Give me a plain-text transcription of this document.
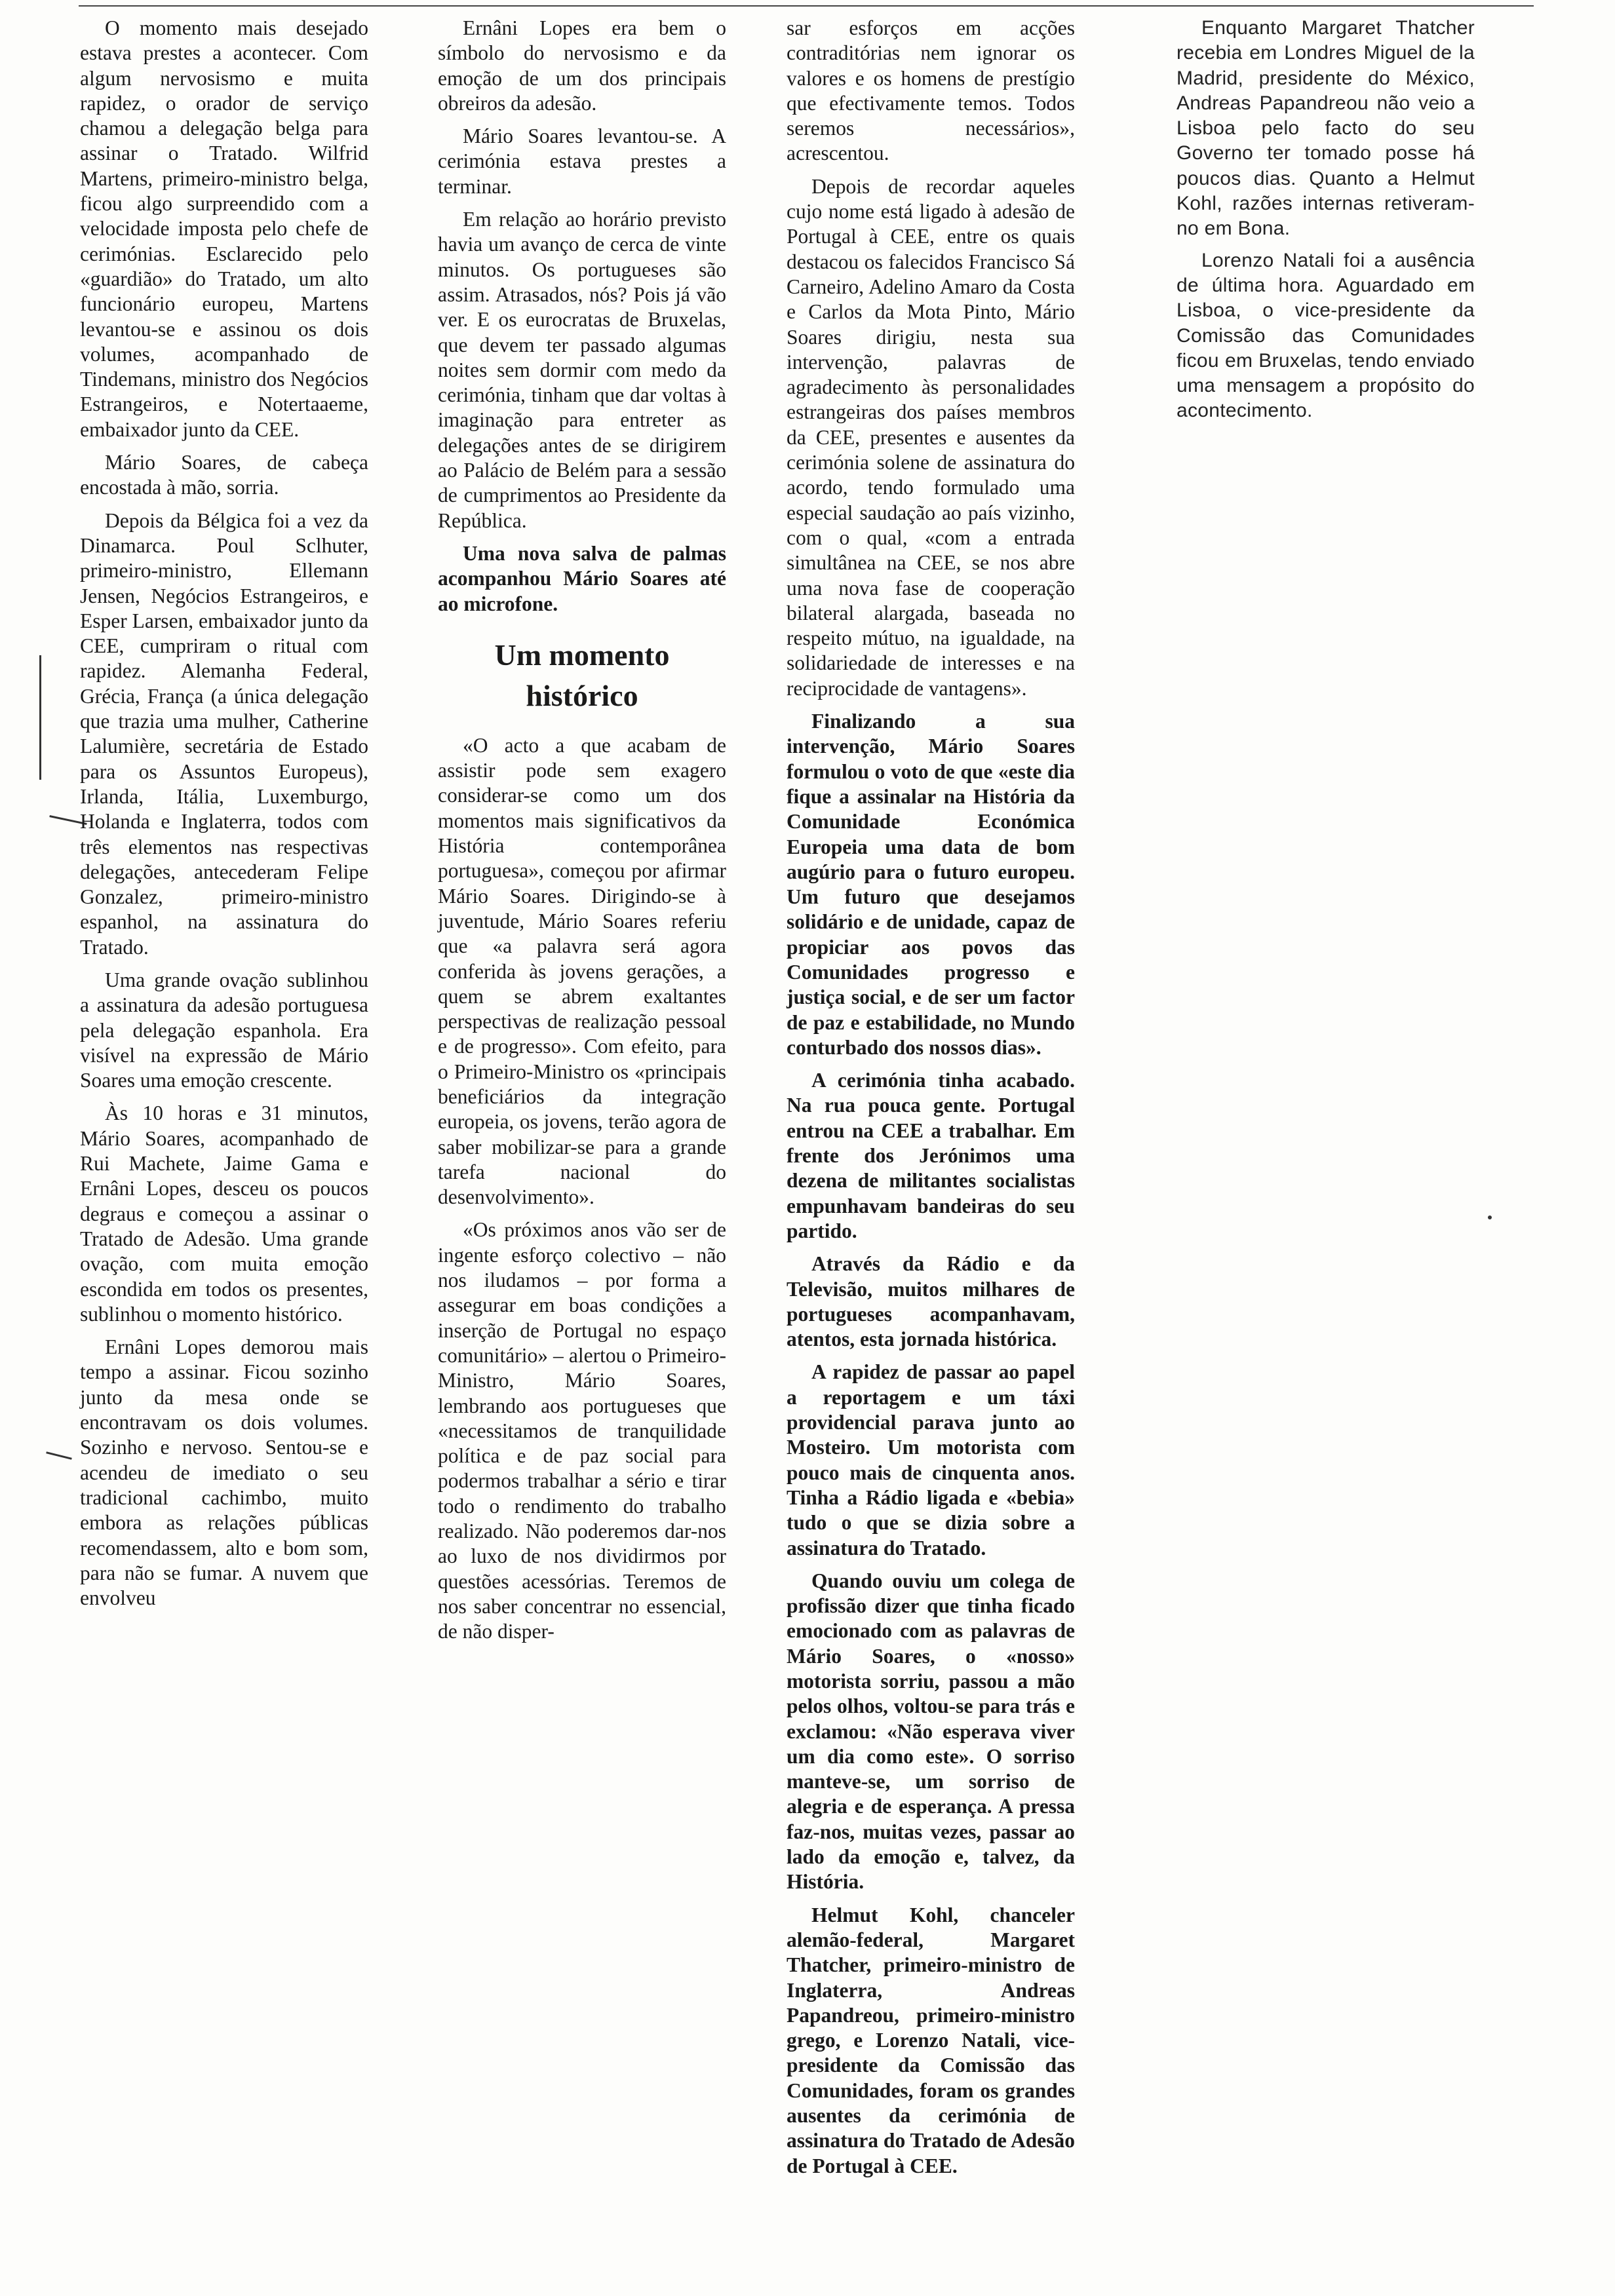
O momento mais desejado estava prestes a acontecer. Com algum nervosismo e muita rapidez, o orador de serviço chamou a delegação belga para assinar o Tratado. Wilfrid Martens, primeiro-ministro belga, ficou algo surpreendido com a velocidade imposta pelo chefe de cerimónias. Esclarecido pelo «guardião» do Tratado, um alto funcionário europeu, Martens levantou-se e assinou os dois volumes, acompanhado de Tindemans, ministro dos Negócios Estrangeiros, e Notertaaeme, embaixador junto da CEE.

Mário Soares, de cabeça encostada à mão, sorria.

Depois da Bélgica foi a vez da Dinamarca. Poul Sclhuter, primeiro-ministro, Ellemann Jensen, Negócios Estrangeiros, e Esper Larsen, embaixador junto da CEE, cumpriram o ritual com rapidez. Alemanha Federal, Grécia, França (a única delegação que trazia uma mulher, Catherine Lalumière, secretária de Estado para os Assuntos Europeus), Irlanda, Itália, Luxemburgo, Holanda e Inglaterra, todos com três elementos nas respectivas delegações, antecederam Felipe Gonzalez, primeiro-ministro espanhol, na assinatura do Tratado.

Uma grande ovação sublinhou a assinatura da adesão portuguesa pela delegação espanhola. Era visível na expressão de Mário Soares uma emoção crescente.

Às 10 horas e 31 minutos, Mário Soares, acompanhado de Rui Machete, Jaime Gama e Ernâni Lopes, desceu os poucos degraus e começou a assinar o Tratado de Adesão. Uma grande ovação, com muita emoção escondida em todos os presentes, sublinhou o momento histórico.

Ernâni Lopes demorou mais tempo a assinar. Ficou sozinho junto da mesa onde se encontravam os dois volumes. Sozinho e nervoso. Sentou-se e acendeu de imediato o seu tradicional cachimbo, muito embora as relações públicas recomendassem, alto e bom som, para não se fumar. A nuvem que envolveu

Ernâni Lopes era bem o símbolo do nervosismo e da emoção de um dos principais obreiros da adesão.

Mário Soares levantou-se. A cerimónia estava prestes a terminar.

Em relação ao horário previsto havia um avanço de cerca de vinte minutos. Os portugueses são assim. Atrasados, nós? Pois já vão ver. E os eurocratas de Bruxelas, que devem ter passado algumas noites sem dormir com medo da cerimónia, tinham que dar voltas à imaginação para entreter as delegações antes de se dirigirem ao Palácio de Belém para a sessão de cumprimentos ao Presidente da República.

Uma nova salva de palmas acompanhou Mário Soares até ao microfone.

Um momento
histórico

«O acto a que acabam de assistir pode sem exagero considerar-se como um dos momentos mais significativos da História contemporânea portuguesa», começou por afirmar Mário Soares. Dirigindo-se à juventude, Mário Soares referiu que «a palavra será agora conferida às jovens gerações, a quem se abrem exaltantes perspectivas de realização pessoal e de progresso». Com efeito, para o Primeiro-Ministro os «principais beneficiários da integração europeia, os jovens, terão agora de saber mobilizar-se para a grande tarefa nacional do desenvolvimento».

«Os próximos anos vão ser de ingente esforço colectivo – não nos iludamos – por forma a assegurar em boas condições a inserção de Portugal no espaço comunitário» – alertou o Primeiro-Ministro, Mário Soares, lembrando aos portugueses que «necessitamos de tranquilidade política e de paz social para podermos trabalhar a sério e tirar todo o rendimento do trabalho realizado. Não poderemos dar-nos ao luxo de nos dividirmos por questões acessórias. Teremos de nos saber concentrar no essencial, de não disper-

sar esforços em acções contraditórias nem ignorar os valores e os homens de prestígio que efectivamente temos. Todos seremos necessários», acrescentou.

Depois de recordar aqueles cujo nome está ligado à adesão de Portugal à CEE, entre os quais destacou os falecidos Francisco Sá Carneiro, Adelino Amaro da Costa e Carlos da Mota Pinto, Mário Soares dirigiu, nesta sua intervenção, palavras de agradecimento às personalidades estrangeiras dos países membros da CEE, presentes e ausentes da cerimónia solene de assinatura do acordo, tendo formulado uma especial saudação ao país vizinho, com o qual, «com a entrada simultânea na CEE, se nos abre uma nova fase de cooperação bilateral alargada, baseada no respeito mútuo, na igualdade, na solidariedade de interesses e na reciprocidade de vantagens».

Finalizando a sua intervenção, Mário Soares formulou o voto de que «este dia fique a assinalar na História da Comunidade Económica Europeia uma data de bom augúrio para o futuro europeu. Um futuro que desejamos solidário e de unidade, capaz de propiciar aos povos das Comunidades progresso e justiça social, e de ser um factor de paz e estabilidade, no Mundo conturbado dos nossos dias».

A cerimónia tinha acabado. Na rua pouca gente. Portugal entrou na CEE a trabalhar. Em frente dos Jerónimos uma dezena de militantes socialistas empunhavam bandeiras do seu partido.

Através da Rádio e da Televisão, muitos milhares de portugueses acompanhavam, atentos, esta jornada histórica.

A rapidez de passar ao papel a reportagem e um táxi providencial parava junto ao Mosteiro. Um motorista com pouco mais de cinquenta anos. Tinha a Rádio ligada e «bebia» tudo o que se dizia sobre a assinatura do Tratado.

Quando ouviu um colega de profissão dizer que tinha ficado emocionado com as palavras de Mário Soares, o «nosso» motorista sorriu, passou a mão pelos olhos, voltou-se para trás e exclamou: «Não esperava viver um dia como este». O sorriso manteve-se, um sorriso de alegria e de esperança. A pressa faz-nos, muitas vezes, passar ao lado da emoção e, talvez, da História.

Helmut Kohl, chanceler alemão-federal, Margaret Thatcher, primeiro-ministro de Inglaterra, Andreas Papandreou, primeiro-ministro grego, e Lorenzo Natali, vice-presidente da Comissão das Comunidades, foram os grandes ausentes da cerimónia de assinatura do Tratado de Adesão de Portugal à CEE.

Enquanto Margaret Thatcher recebia em Londres Miguel de la Madrid, presidente do México, Andreas Papandreou não veio a Lisboa pelo facto do seu Governo ter tomado posse há poucos dias. Quanto a Helmut Kohl, razões internas retiveram-no em Bona.

Lorenzo Natali foi a ausência de última hora. Aguardado em Lisboa, o vice-presidente da Comissão das Comunidades ficou em Bruxelas, tendo enviado uma mensagem a propósito do acontecimento.
